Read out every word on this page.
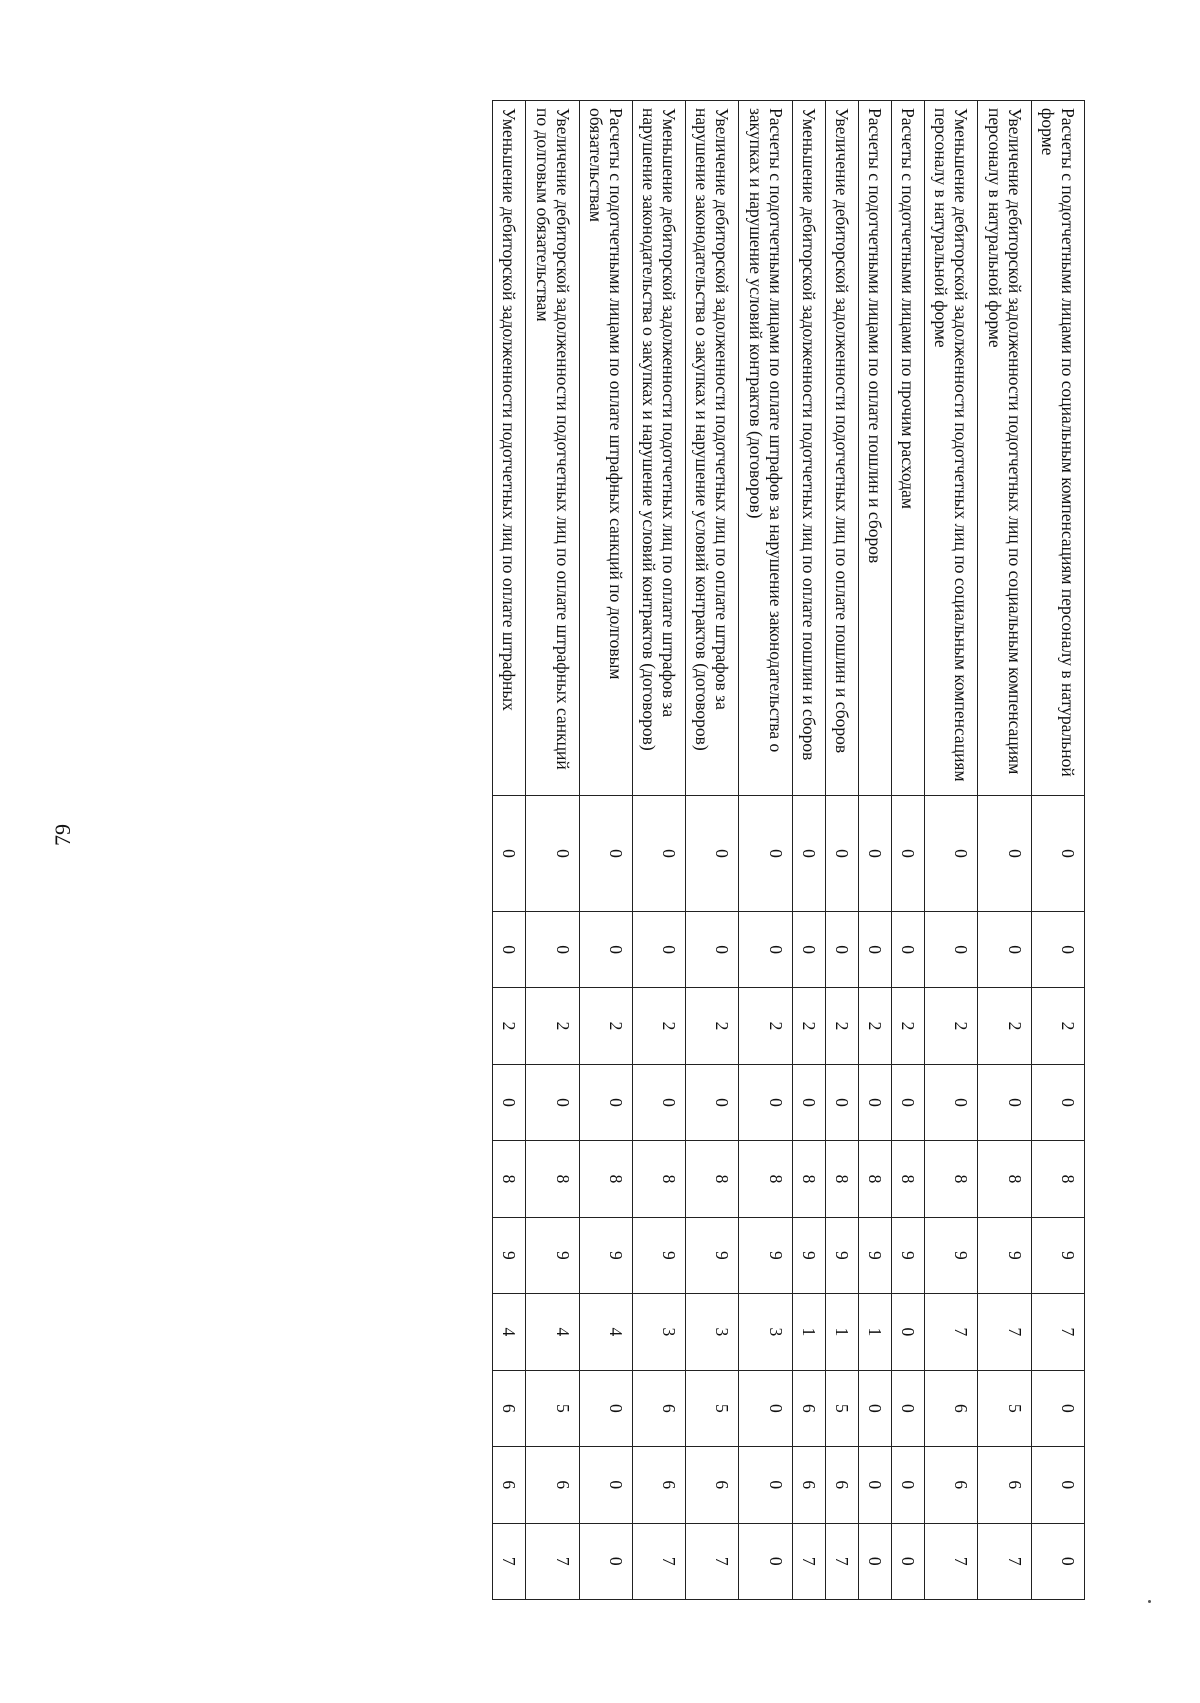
79
Расчеты с подотчетными лицами по социальным компенсациям персоналу в натуральной форме	0	0	2	0	8	9	7	0	0	0
Увеличение дебиторской задолженности подотчетных лиц по социальным компенсациям персоналу в натуральной форме	0	0	2	0	8	9	7	5	6	7
Уменьшение дебиторской задолженности подотчетных лиц по социальным компенсациям персоналу в натуральной форме	0	0	2	0	8	9	7	6	6	7
Расчеты с подотчетными лицами по прочим расходам	0	0	2	0	8	9	0	0	0	0
Расчеты с подотчетными лицами по оплате пошлин и сборов	0	0	2	0	8	9	1	0	0	0
Увеличение дебиторской задолженности подотчетных лиц по оплате пошлин и сборов	0	0	2	0	8	9	1	5	6	7
Уменьшение дебиторской задолженности подотчетных лиц по оплате пошлин и сборов	0	0	2	0	8	9	1	6	6	7
Расчеты с подотчетными лицами по оплате штрафов за нарушение законодательства о закупках и нарушение условий контрактов (договоров)	0	0	2	0	8	9	3	0	0	0
Увеличение дебиторской задолженности подотчетных лиц по оплате штрафов за нарушение законодательства о закупках и нарушение условий контрактов (договоров)	0	0	2	0	8	9	3	5	6	7
Уменьшение дебиторской задолженности подотчетных лиц по оплате штрафов за нарушение законодательства о закупках и нарушение условий контрактов (договоров)	0	0	2	0	8	9	3	6	6	7
Расчеты с подотчетными лицами по оплате штрафных санкций по долговым обязательствам	0	0	2	0	8	9	4	0	0	0
Увеличение дебиторской задолженности подотчетных лиц по оплате штрафных санкций по долговым обязательствам	0	0	2	0	8	9	4	5	6	7
Уменьшение дебиторской задолженности подотчетных лиц по оплате штрафных	0	0	2	0	8	9	4	6	6	7
